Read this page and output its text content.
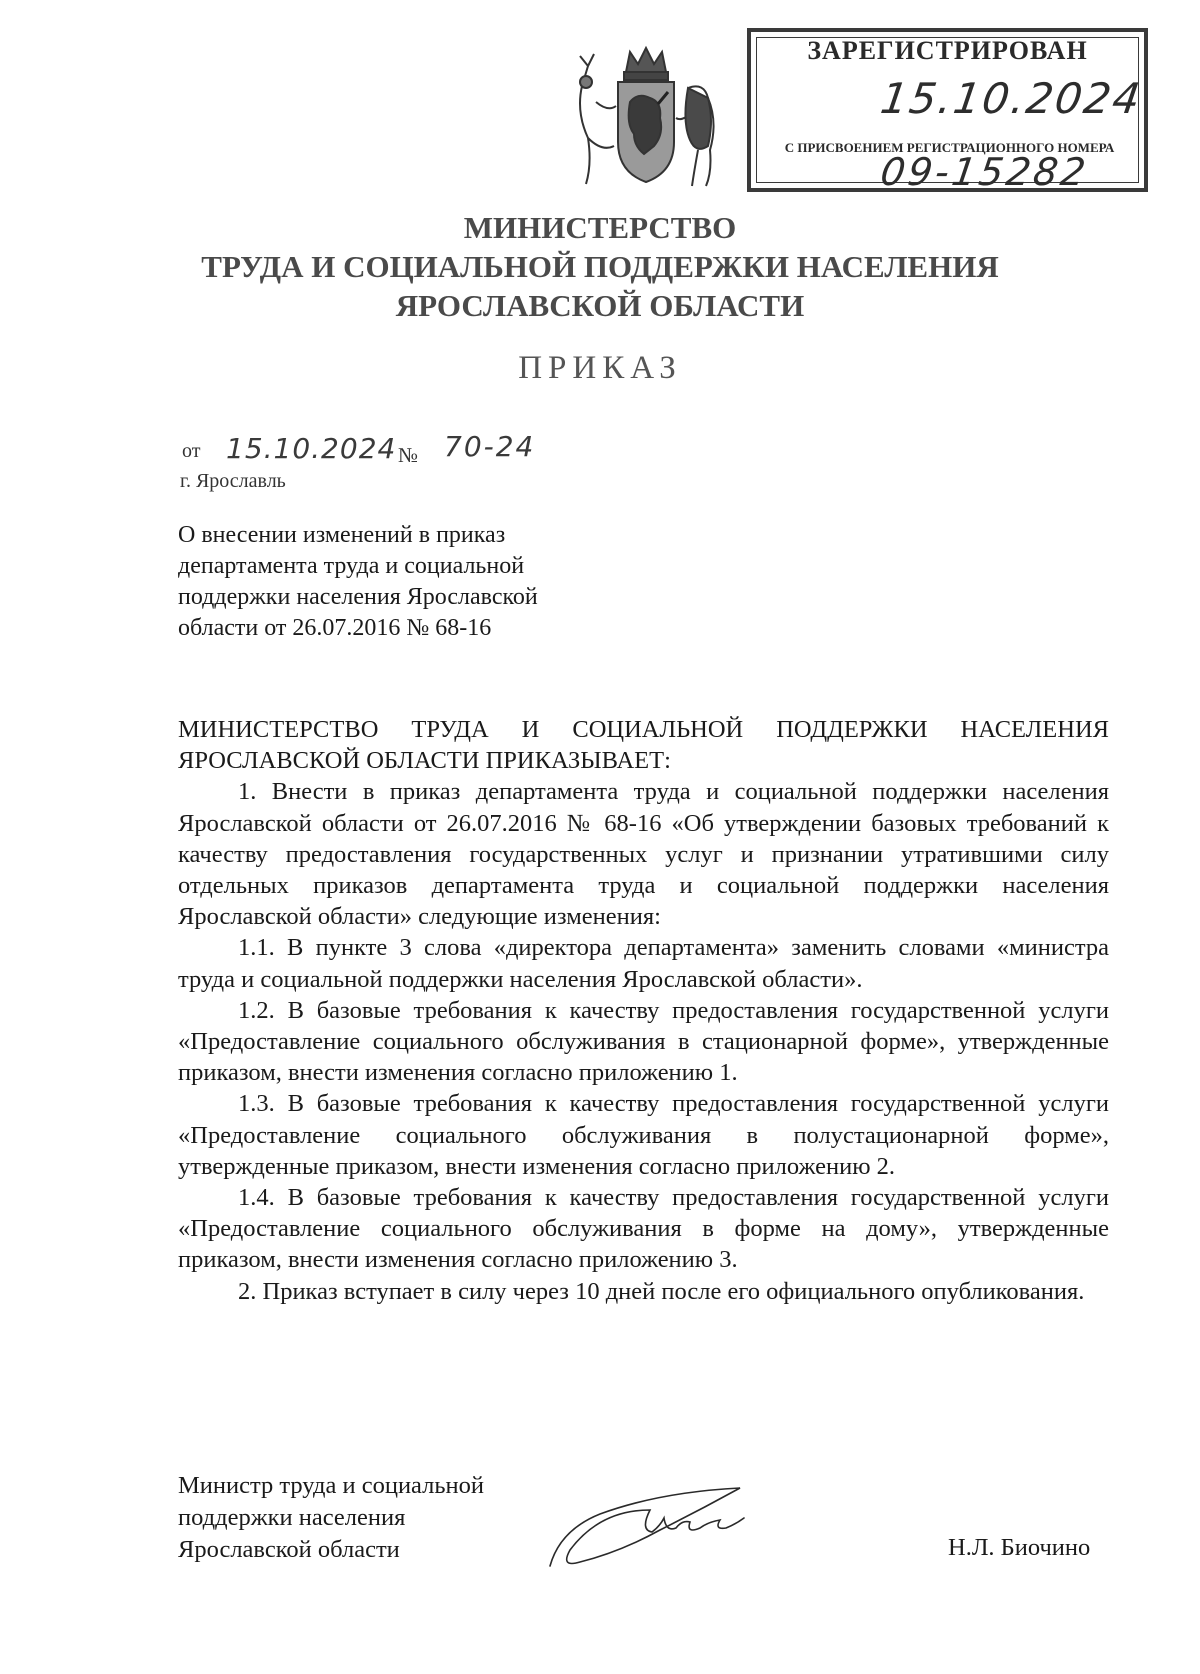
ЗАРЕГИСТРИРОВАН
15.10.2024
С ПРИСВОЕНИЕМ РЕГИСТРАЦИОННОГО НОМЕРА
09-15282
МИНИСТЕРСТВО
ТРУДА И СОЦИАЛЬНОЙ ПОДДЕРЖКИ НАСЕЛЕНИЯ
ЯРОСЛАВСКОЙ ОБЛАСТИ
ПРИКАЗ
от 15.10.2024 № 70-24
г. Ярославль
О внесении изменений в приказ
департамента труда и социальной
поддержки населения Ярославской
области от 26.07.2016 № 68-16

МИНИСТЕРСТВО ТРУДА И СОЦИАЛЬНОЙ ПОДДЕРЖКИ НАСЕЛЕНИЯ ЯРОСЛАВСКОЙ ОБЛАСТИ ПРИКАЗЫВАЕТ:

1. Внести в приказ департамента труда и социальной поддержки населения Ярославской области от 26.07.2016 № 68-16 «Об утверждении базовых требований к качеству предоставления государственных услуг и признании утратившими силу отдельных приказов департамента труда и социальной поддержки населения Ярославской области» следующие изменения:

1.1. В пункте 3 слова «директора департамента» заменить словами «министра труда и социальной поддержки населения Ярославской области».

1.2. В базовые требования к качеству предоставления государственной услуги «Предоставление социального обслуживания в стационарной форме», утвержденные приказом, внести изменения согласно приложению 1.

1.3. В базовые требования к качеству предоставления государственной услуги «Предоставление социального обслуживания в полустационарной форме», утвержденные приказом, внести изменения согласно приложению 2.

1.4. В базовые требования к качеству предоставления государственной услуги «Предоставление социального обслуживания в форме на дому», утвержденные приказом, внести изменения согласно приложению 3.

2. Приказ вступает в силу через 10 дней после его официального опубликования.

Министр труда и социальной
поддержки населения
Ярославской области	Н.Л. Биочино
